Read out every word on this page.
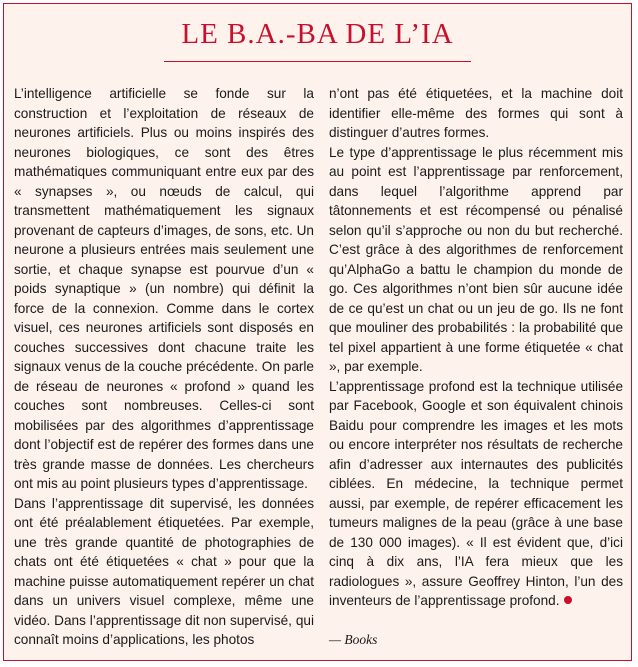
LE B.A.-BA DE L’IA

L’intelligence artificielle se fonde sur la construction et l’exploitation de réseaux de neurones artificiels. Plus ou moins inspirés des neurones biologiques, ce sont des êtres mathématiques communiquant entre eux par des « synapses », ou nœuds de calcul, qui transmettent mathématiquement les signaux provenant de capteurs d’images, de sons, etc. Un neurone a plusieurs entrées mais seulement une sortie, et chaque synapse est pourvue d’un « poids synaptique » (un nombre) qui définit la force de la connexion. Comme dans le cortex visuel, ces neurones artificiels sont disposés en couches successives dont chacune traite les signaux venus de la couche précédente. On parle de réseau de neurones « profond » quand les couches sont nombreuses. Celles-ci sont mobilisées par des algorithmes d’apprentissage dont l’objectif est de repérer des formes dans une très grande masse de données. Les chercheurs ont mis au point plusieurs types d’apprentissage.

Dans l’apprentissage dit supervisé, les données ont été préalablement étiquetées. Par exemple, une très grande quantité de photographies de chats ont été étiquetées « chat » pour que la machine puisse automatiquement repérer un chat dans un univers visuel complexe, même une vidéo. Dans l’apprentissage dit non supervisé, qui connaît moins d’applications, les photos

n’ont pas été étiquetées, et la machine doit identifier elle-même des formes qui sont à distinguer d’autres formes.

Le type d’apprentissage le plus récemment mis au point est l’apprentissage par renforcement, dans lequel l’algorithme apprend par tâtonnements et est récompensé ou pénalisé selon qu’il s’approche ou non du but recherché. C’est grâce à des algorithmes de renforcement qu’AlphaGo a battu le champion du monde de go. Ces algorithmes n’ont bien sûr aucune idée de ce qu’est un chat ou un jeu de go. Ils ne font que mouliner des probabilités : la probabilité que tel pixel appartient à une forme étiquetée « chat », par exemple.

L’apprentissage profond est la technique utilisée par Facebook, Google et son équivalent chinois Baidu pour comprendre les images et les mots ou encore interpréter nos résultats de recherche afin d’adresser aux internautes des publicités ciblées. En médecine, la technique permet aussi, par exemple, de repérer efficacement les tumeurs malignes de la peau (grâce à une base de 130 000 images). « Il est évident que, d’ici cinq à dix ans, l’IA fera mieux que les radiologues », assure Geoffrey Hinton, l’un des inventeurs de l’apprentissage profond.

— Books
